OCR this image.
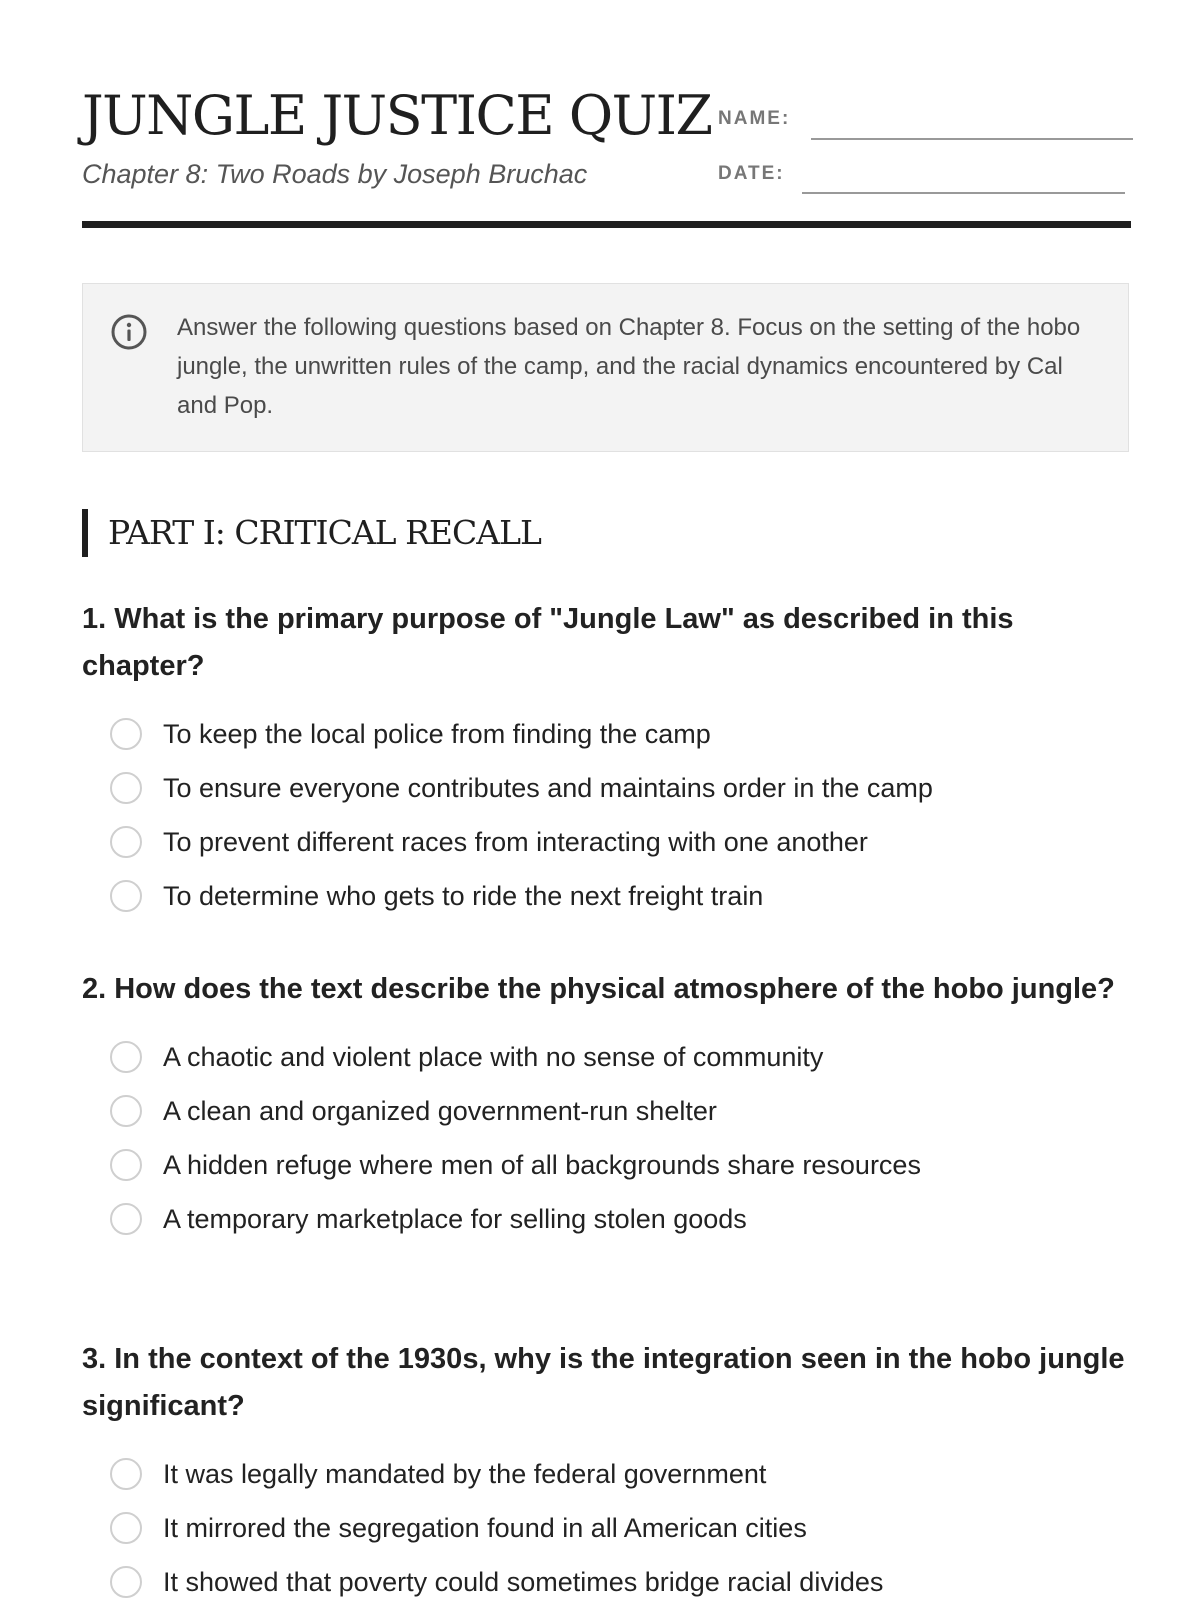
JUNGLE JUSTICE QUIZ
Chapter 8: Two Roads by Joseph Bruchac
NAME:
DATE:
Answer the following questions based on Chapter 8. Focus on the setting of the hobo jungle, the unwritten rules of the camp, and the racial dynamics encountered by Cal and Pop.
PART I: CRITICAL RECALL

1. What is the primary purpose of "Jungle Law" as described in this chapter?

To keep the local police from finding the camp
To ensure everyone contributes and maintains order in the camp
To prevent different races from interacting with one another
To determine who gets to ride the next freight train

2. How does the text describe the physical atmosphere of the hobo jungle?

A chaotic and violent place with no sense of community
A clean and organized government-run shelter
A hidden refuge where men of all backgrounds share resources
A temporary marketplace for selling stolen goods

3. In the context of the 1930s, why is the integration seen in the hobo jungle significant?

It was legally mandated by the federal government
It mirrored the segregation found in all American cities
It showed that poverty could sometimes bridge racial divides
